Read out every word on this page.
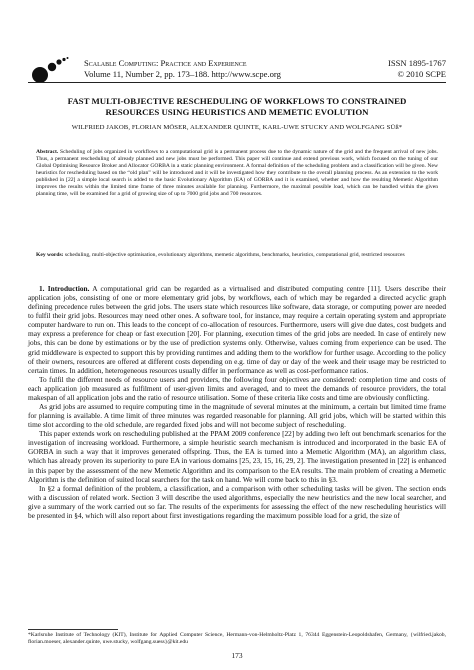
Scalable Computing: Practice and Experience	ISSN 1895-1767
Volume 11, Number 2, pp. 173–188. http://www.scpe.org	© 2010 SCPE
FAST MULTI-OBJECTIVE RESCHEDULING OF WORKFLOWS TO CONSTRAINED
RESOURCES USING HEURISTICS AND MEMETIC EVOLUTION
WILFRIED JAKOB, FLORIAN MÖSER, ALEXANDER QUINTE, KARL-UWE STUCKY AND WOLFGANG SÜß*
Abstract. Scheduling of jobs organized in workflows to a computational grid is a permanent process due to the dynamic nature of the grid and the frequent arrival of new jobs. Thus, a permanent rescheduling of already planned and new jobs must be performed. This paper will continue and extend previous work, which focused on the tuning of our Global Optimising Resource Broker and Allocator GORBA in a static planning environment. A formal definition of the scheduling problem and a classification will be given. New heuristics for rescheduling based on the “old plan” will be introduced and it will be investigated how they contribute to the overall planning process. As an extension to the work published in [22] a simple local search is added to the basic Evolutionary Algorithm (EA) of GORBA and it is examined, whether and how the resulting Memetic Algorithm improves the results within the limited time frame of three minutes available for planning. Furthermore, the maximal possible load, which can be handled within the given planning time, will be examined for a grid of growing size of up to 7000 grid jobs and 700 resources.
Key words: scheduling, multi-objective optimisation, evolutionary algorithms, memetic algorithms, benchmarks, heuristics, computational grid, restricted resources

1. Introduction. A computational grid can be regarded as a virtualised and distributed computing centre [11]. Users describe their application jobs, consisting of one or more elementary grid jobs, by workflows, each of which may be regarded a directed acyclic graph defining precedence rules between the grid jobs. The users state which resources like software, data storage, or computing power are needed to fulfil their grid jobs. Resources may need other ones. A software tool, for instance, may require a certain operating system and appropriate computer hardware to run on. This leads to the concept of co-allocation of resources. Furthermore, users will give due dates, cost budgets and may express a preference for cheap or fast execution [20]. For planning, execution times of the grid jobs are needed. In case of entirely new jobs, this can be done by estimations or by the use of prediction systems only. Otherwise, values coming from experience can be used. The grid middleware is expected to support this by providing runtimes and adding them to the workflow for further usage. According to the policy of their owners, resources are offered at different costs depending on e.g. time of day or day of the week and their usage may be restricted to certain times. In addition, heterogeneous resources usually differ in performance as well as cost-performance ratios.

To fulfil the different needs of resource users and providers, the following four objectives are considered: completion time and costs of each application job measured as fulfilment of user-given limits and averaged, and to meet the demands of resource providers, the total makespan of all application jobs and the ratio of resource utilisation. Some of these criteria like costs and time are obviously conflicting.

As grid jobs are assumed to require computing time in the magnitude of several minutes at the minimum, a certain but limited time frame for planning is available. A time limit of three minutes was regarded reasonable for planning. All grid jobs, which will be started within this time slot according to the old schedule, are regarded fixed jobs and will not become subject of rescheduling.

This paper extends work on rescheduling published at the PPAM 2009 conference [22] by adding two left out benchmark scenarios for the investigation of increasing workload. Furthermore, a simple heuristic search mechanism is introduced and incorporated in the basic EA of GORBA in such a way that it improves generated offspring. Thus, the EA is turned into a Memetic Algorithm (MA), an algorithm class, which has already proven its superiority to pure EA in various domains [25, 23, 15, 16, 29, 2]. The investigation presented in [22] is enhanced in this paper by the assessment of the new Memetic Algorithm and its comparison to the EA results. The main problem of creating a Memetic Algorithm is the definition of suited local searchers for the task on hand. We will come back to this in §3.

In §2 a formal definition of the problem, a classification, and a comparison with other scheduling tasks will be given. The section ends with a discussion of related work. Section 3 will describe the used algorithms, especially the new heuristics and the new local searcher, and give a summary of the work carried out so far. The results of the experiments for assessing the effect of the new rescheduling heuristics will be presented in §4, which will also report about first investigations regarding the maximum possible load for a grid, the size of

*Karlsruhe Institute of Technology (KIT), Institute for Applied Computer Science, Hermann-von-Helmholtz-Platz 1, 76344 Eggenstein-Leopoldshafen, Germany, {wilfried.jakob, florian.moeser, alexander.quinte, uwe.stucky, wolfgang.suess}@kit.edu
173
